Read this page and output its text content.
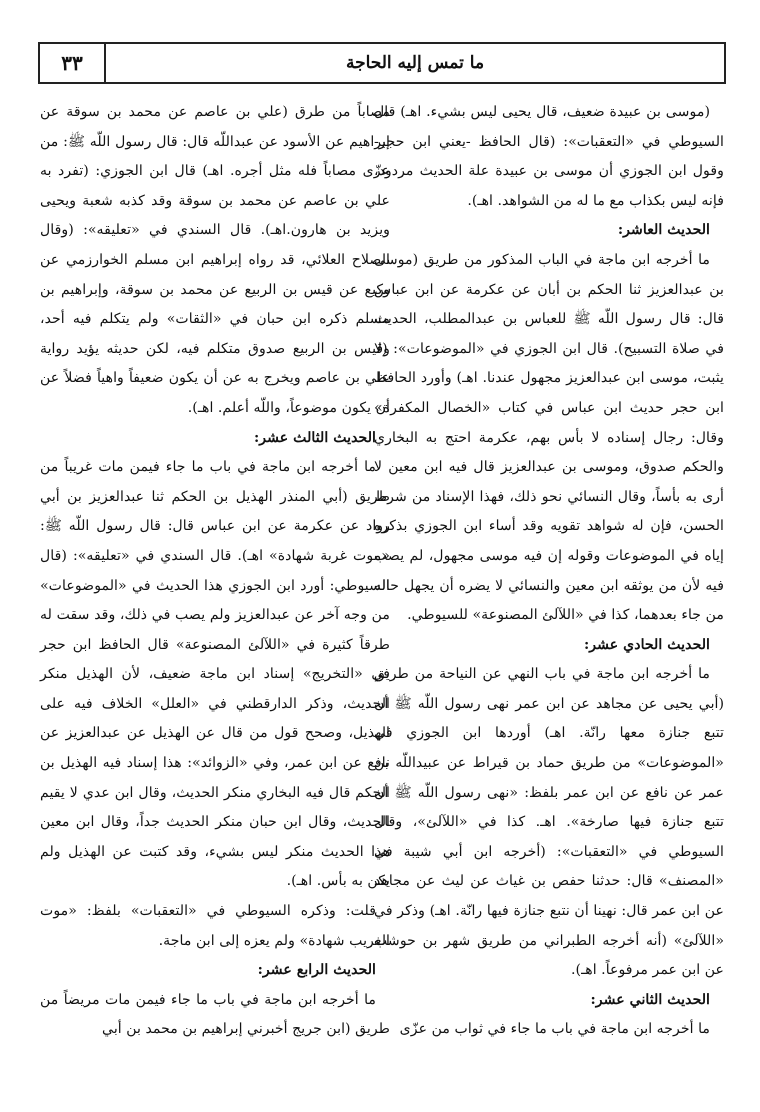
ما تمس إليه الحاجة
٣٣

(موسى بن عبيدة ضعيف، قال يحيى ليس بشيء. اهـ) قال السيوطي في «التعقبات»: (قال الحافظ -يعني ابن حجر- وقول ابن الجوزي أن موسى بن عبيدة علة الحديث مردود، فإنه ليس بكذاب مع ما له من الشواهد. اهـ).

الحديث العاشر:

ما أخرجه ابن ماجة في الباب المذكور من طريق (موسى بن عبدالعزيز ثنا الحكم بن أبان عن عكرمة عن ابن عباس قال: قال رسول اللّه ﷺ للعباس بن عبدالمطلب، الحديث في صلاة التسبيح). قال ابن الجوزي في «الموضوعات»: (لا يثبت، موسى ابن عبدالعزيز مجهول عندنا. اهـ) وأورد الحافظ ابن حجر حديث ابن عباس في كتاب «الخصال المكفرة» وقال: رجال إسناده لا بأس بهم، عكرمة احتج به البخاري والحكم صدوق، وموسى بن عبدالعزيز قال فيه ابن معين لا أرى به بأساً، وقال النسائي نحو ذلك، فهذا الإسناد من شرط الحسن، فإن له شواهد تقويه وقد أساء ابن الجوزي بذكره إياه في الموضوعات وقوله إن فيه موسى مجهول، لم يصب فيه لأن من يوثقه ابن معين والنسائي لا يضره أن يجهل حاله من جاء بعدهما، كذا في «اللآلئ المصنوعة» للسيوطي.

الحديث الحادي عشر:

ما أخرجه ابن ماجة في باب النهي عن النياحة من طريق (أبي يحيى عن مجاهد عن ابن عمر نهى رسول اللّه ﷺ أن تتبع جنازة معها رانّة. اهـ) أوردها ابن الجوزي في «الموضوعات» من طريق حماد بن قيراط عن عبيداللّه بن عمر عن نافع عن ابن عمر بلفظ: «نهى رسول اللّه ﷺ أن تتبع جنازة فيها صارخة». اهـ. كذا في «اللآلئ»، وقال السيوطي في «التعقبات»: (أخرجه ابن أبي شيبة في «المصنف» قال: حدثنا حفص بن غياث عن ليث عن مجاهد عن ابن عمر قال: نهينا أن نتبع جنازة فيها رانّة. اهـ) وذكر في «اللآلئ» (أنه أخرجه الطبراني من طريق شهر بن حوشب عن ابن عمر مرفوعاً. اهـ).

الحديث الثاني عشر:

ما أخرجه ابن ماجة في باب ما جاء في ثواب من عزّى

مصاباً من طرق (علي بن عاصم عن محمد بن سوقة عن إبراهيم عن الأسود عن عبداللّه قال: قال رسول اللّه ﷺ: من عزّى مصاباً فله مثل أجره. اهـ) قال ابن الجوزي: (تفرد به علي بن عاصم عن محمد بن سوقة وقد كذبه شعبة ويحيى ويزيد بن هارون.اهـ). قال السندي في «تعليقه»: (وقال الصلاح العلائي، قد رواه إبراهيم ابن مسلم الخوارزمي عن وكيع عن قيس بن الربيع عن محمد بن سوقة، وإبراهيم بن مسلم ذكره ابن حبان في «الثقات» ولم يتكلم فيه أحد، وقيس بن الربيع صدوق متكلم فيه، لكن حديثه يؤيد رواية علي بن عاصم ويخرج به عن أن يكون ضعيفاً واهياً فضلاً عن أن يكون موضوعاً، واللّه أعلم. اهـ).

الحديث الثالث عشر:

ما أخرجه ابن ماجة في باب ما جاء فيمن مات غريباً من طريق (أبي المنذر الهذيل بن الحكم ثنا عبدالعزيز بن أبي رواد عن عكرمة عن ابن عباس قال: قال رسول اللّه ﷺ: «موت غربة شهادة» اهـ). قال السندي في «تعليقه»: (قال السيوطي: أورد ابن الجوزي هذا الحديث في «الموضوعات» من وجه آخر عن عبدالعزيز ولم يصب في ذلك، وقد سقت له طرقاً كثيرة في «اللآلئ المصنوعة» قال الحافظ ابن حجر في «التخريج» إسناد ابن ماجة ضعيف، لأن الهذيل منكر الحديث، وذكر الدارقطني في «العلل» الخلاف فيه على الهذيل، وصحح قول من قال عن الهذيل عن عبدالعزيز عن نافع عن ابن عمر، وفي «الزوائد»: هذا إسناد فيه الهذيل بن الحكم قال فيه البخاري منكر الحديث، وقال ابن عدي لا يقيم الحديث، وقال ابن حبان منكر الحديث جداً، وقال ابن معين هذا الحديث منكر ليس بشيء، وقد كتبت عن الهذيل ولم يكن به بأس. اهـ).

قلت: وذكره السيوطي في «التعقبات» بلفظ: «موت الغريب شهادة» ولم يعزه إلى ابن ماجة.

الحديث الرابع عشر:

ما أخرجه ابن ماجة في باب ما جاء فيمن مات مريضاً من طريق (ابن جريج أخبرني إبراهيم بن محمد بن أبي
